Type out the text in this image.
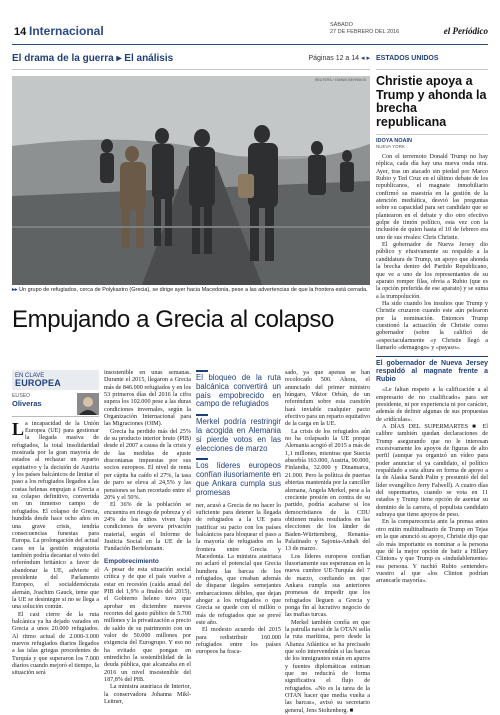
14 Internacional	SÁBADO
27 DE FEBRERO DEL 2016	el Periódico
El drama de la guerra ▸ El análisis	Páginas 12 a 14 ◂ ▸
REUTERS / YANNIS BEHRAKIS
▸▸ Un grupo de refugiados, cerca de Polykastro (Grecia), se dirige ayer hacia Macedonia, pese a las advertencias de que la frontera está cerrada.
Empujando a Grecia al colapso
EN CLAVE
EUROPEA
ELISEO
Oliveras

La incapacidad de la Unión Europea (UE) para gestionar la llegada masiva de refugiados, la total insolidaridad mostrada por la gran mayoría de estados al rechazar un reparto equitativo y la decisión de Austria y los países balcánicos de limitar el paso a los refugiados llegados a las costas helenas empujan a Grecia a su colapso definitivo, convertida en un inmenso campo de refugiados. El colapso de Grecia, hundida desde hace ocho años en una grave crisis, tendría consecuencias funestas para Europa. La prolongación del actual caos en la gestión migratoria también podría decantar el voto del referéndum británico a favor de abandonar la UE, advierte el presidente del Parlamento Europeo, el socialdemócrata alemán, Joachim Gauck, teme que la UE se desintegre si no se llega a una solución común.

El cast cierre de la ruta balcánica ya ha dejado varados en Grecia a unos 20.000 refugiados. Al ritmo actual de 2.000-3.000 nuevos refugiados diarios llegados a las islas griegas procedentes de Turquía y que superaron los 7.000 diarios cuando mejoró el tiempo, la situación será

insostenible en unas semanas. Durante el 2015, llegaron a Grecia más de 846.000 refugiados y en los 53 primeros días del 2016 la cifra supera los 102.000 pese a las duras condiciones invernales, según la Organización Internacional para las Migraciones (OIM).

Grecia ha perdido más del 25% de su producto interior bruto (PIB) desde el 2007 a causa de la crisis y de las medidas de ajuste draconianas impuestas por sus socios europeos. El nivel de renta per cápita ha caído el 27%, la tasa de paro se eleva al 24,5% y las pensiones se han recortado entre el 20% y el 50%.

El 36% de la población se encuentra en riesgo de pobreza y el 24% de los niños viven bajo condiciones de severa privación material, según el Informe de Justicia Social en la UE de la Fundación Bertelsmann.

Empobrecimiento

A pesar de esta situación social crítica y de que el país vuelve a estar en recesión (caída anual del PIB del 1,9% a finales del 2015), el Gobierno heleno tuvo que aprobar en diciembre nuevos recortes del gasto público de 5.700 millones y la privatización a precio de saldo de su patrimonio con un valor de 50.000 millones por exigencia del Eurogrupo. Y eso no ha evitado que pongan en entredicho la sostenibilidad de la deuda pública, que alcanzaba en el 2016 un nivel insostenible del 187,8% del PIB.

La ministra austriaca de Interior, la conservadora Johanna Mikl-Leitner,

El bloqueo de la ruta balcánica convertirá un país empobrecido en campo de refugiados
Merkel podría restringir la acogida en Alemania si pierde votos en las elecciones de marzo
Los líderes europeos confían ilusoriamente en que Ankara cumpla sus promesas

ner, acusó a Grecia de no hacer lo suficiente para detener la llegada de refugiados a la UE para justificar su pacto con los países balcánicos para bloquear el paso a la mayoría de refugiados en la frontera entre Grecia y Macedonia. La ministra austriaca no aclaró el potencial que Grecia hundiera las barcas de los refugiados, que creaban además de disparar ilegales semejantes embarcaciones débiles, que dejan ahogar a los refugiados o que Grecia se quede con el millón o más de refugiados que se prevé este año.

El modesto acuerdo del 2015 para redistribuir 160.000 refugiados entre los países europeos ha fraca-

sado, ya que apenas se han recolocado 500. Ahora, el anunciado del primer ministro húngaro, Viktor Orbán, de un referéndum sobre esta cuestión hará inviable cualquier pacto efectivo para un reparto equitativo de la carga en la UE.

La crisis de los refugiados aún no ha colapsado la UE porque Alemania acogió el 2015 a más de 1,1 millones, mientras que Suecia absorbía 163.000, Austria, 90.000, Finlandia, 32.000 y Dinamarca, 21.000. Pero la política de puertas abiertas mantenida por la canciller alemana, Angela Merkel, pese a la creciente presión en contra de su partido, podría acabarse si los democristianos de la CDU obtienen malos resultados en las elecciones de los länder de Baden-Württemberg, Renania-Palatinado y Sajonia-Anhalt del 13 de marzo.

Los líderes europeos confían ilusoriamente sus esperanzas en la nueva cumbre UE-Turquía del 7 de marzo, confiando en que Ankara cumpla sus anteriores promesas de impedir que los refugiados lleguen a Grecia y ponga fin al lucrativo negocio de las mafias turcas.

Merkel también confía en que la patrulla naval de la OTAN sella la ruta marítima, pero desde la Alianza Atlántica se ha precisado que solo intervendrán si las barcas de los inmigrantes están en apuros y fuentes diplomáticas estiman que no reducirá de forma significativa el flujo de refugiados. «No es la tarea de la OTAN hacer que media vuelta a las barcas», avisó su secretario general, Jens Stoltenberg. ■

ESTADOS UNIDOS
Christie apoya a Trump y ahonda la brecha republicana
IDOYA NOAIN
NUEVA YORK

Con el terremoto Donald Trump no hay réplica, cada día hay una nueva onda otra. Ayer, tras un atacado sin piedad por Marco Rubio y Ted Cruz en el último debate de los republicanos, el magnate inmobiliario confirmó su maestría en la gestión de la atención mediática, desvió las preguntas sobre su capacidad para ser candidato que se plantearon en el debate y dio otro efectivo golpe de timón político, esta vez con la inclusión de quien hasta el 10 de febrero era uno de sus rivales: Chris Christie.

El gobernador de Nueva Jersey dio público y efusivamente su respaldo a la candidatura de Trump, un apoyo que ahonda la brecha dentro del Partido Republicano, que ve a uno de los representantes de su aparato romper filas, obvia a Rubio (que es la opción preferida de ese aparato) y se suma a la trumpolución.

Ha sido cuando los insultos que Trump y Christie cruzaron cuando este aún pelearon por la nominación. Entonces Trump cuestionó la actuación de Christie como gobernador (sobre la calificó de «espectacularmente «y Christie llegó a llamarlo «demagogo» y «payaso».

El gobernador de Nueva Jersey respaldó al magnate frente a Rubio

«Le faltan respeto a la calificación a al empresario de no cualificado» para ser presidente, ni por experiencia ni por carácter, además de definir algunas de sus propuestas de «ridículas».

A DÍAS DEL SUPERMARTES ■ El calibre también quedan declaraciones de Trump asegurando que no le interesan excesivamente los apoyos de figuras de alto perfil (aunque ya organizó un vídeo para poder anunciar el ya candidato, el político respaldado a esta altura en forma de apoyo a la de Alaska Sarah Palin y presumió del del líder evangélico Jerry Falwell). A cuatro días del supermartes, cuando se vota en 11 estados y Trump tiene opción de asentar su dominio de la carrera, el populista candidato subraya que tiene apoyos de peso.

En la comparecencia ante la prensa antes otro mitin multitudinario de Trump en Tejas en la que anunció su apoyo, Christie dijo que «lo más importante es nominar a la persona que dé la mejor opción de batir a Hillary Clinton» y que Trump es «indudablemente» esa persona. Y nachió Rubio «entender» vuestro al que «los Clinton podrían arrancarle mayoría».
